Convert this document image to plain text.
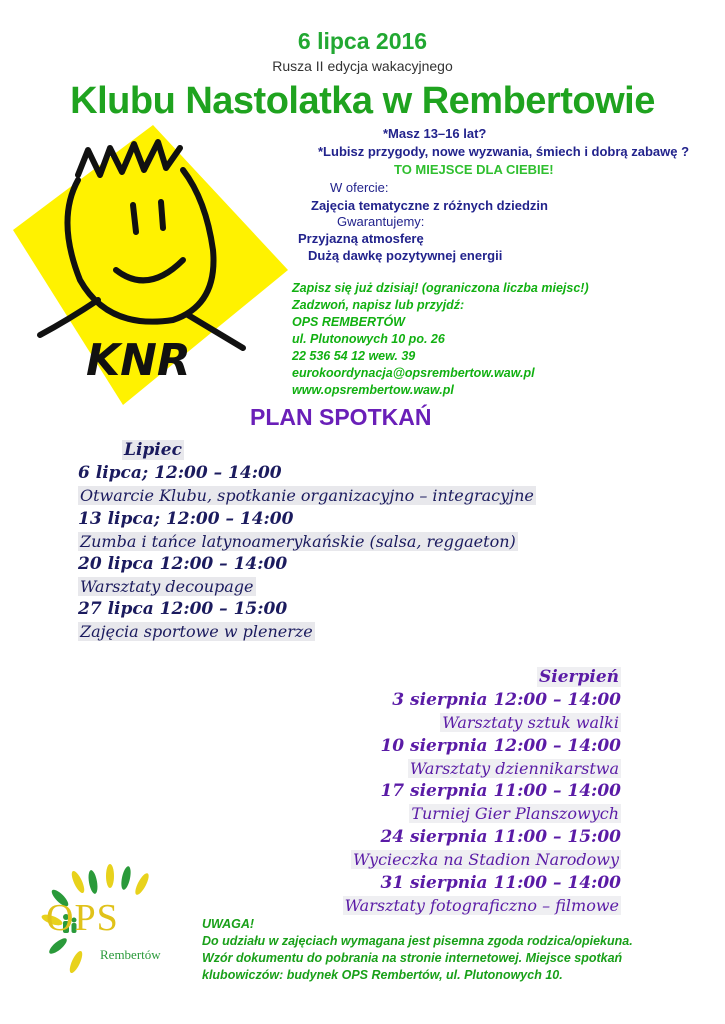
6 lipca 2016
Rusza II edycja wakacyjnego
Klubu Nastolatka w Rembertowie
KNR
*Masz 13–16 lat?
*Lubisz przygody, nowe wyzwania, śmiech i dobrą zabawę ?
TO MIEJSCE DLA CIEBIE!
W ofercie:
Zajęcia tematyczne z różnych dziedzin
Gwarantujemy:
Przyjazną atmosferę
Dużą dawkę pozytywnej energii
Zapisz się już dzisiaj! (ograniczona liczba miejsc!)
Zadzwoń, napisz lub przyjdź:
OPS REMBERTÓW
ul. Plutonowych 10 po. 26
22 536 54 12 wew. 39
eurokoordynacja@opsrembertow.waw.pl
www.opsrembertow.waw.pl
PLAN SPOTKAŃ
Lipiec
6 lipca; 12:00 – 14:00
Otwarcie Klubu, spotkanie organizacyjno – integracyjne
13 lipca; 12:00 – 14:00
Zumba i tańce latynoamerykańskie (salsa, reggaeton)
20 lipca 12:00 – 14:00
Warsztaty decoupage
27 lipca 12:00 – 15:00
Zajęcia sportowe w plenerze
Sierpień
3 sierpnia 12:00 – 14:00
Warsztaty sztuk walki
10 sierpnia 12:00 – 14:00
Warsztaty dziennikarstwa
17 sierpnia 11:00 – 14:00
Turniej Gier Planszowych
24 sierpnia 11:00 – 15:00
Wycieczka na Stadion Narodowy
31 sierpnia 11:00 – 14:00
Warsztaty fotograficzno – filmowe
OPS
Rembertów
UWAGA!
Do udziału w zajęciach wymagana jest pisemna zgoda rodzica/opiekuna.
Wzór dokumentu do pobrania na stronie internetowej. Miejsce spotkań
klubowiczów: budynek OPS Rembertów, ul. Plutonowych 10.
